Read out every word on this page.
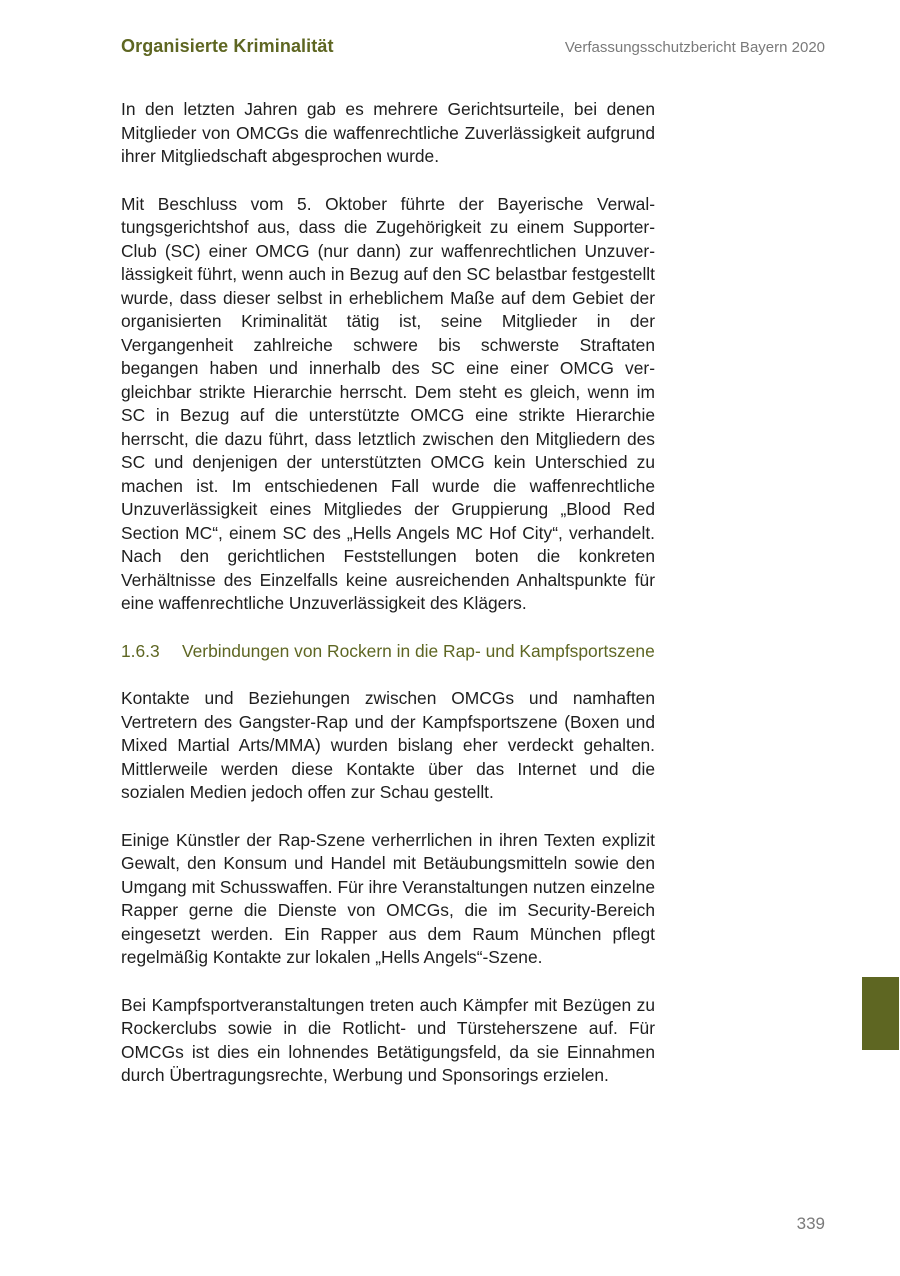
Organisierte Kriminalität	Verfassungsschutzbericht Bayern 2020

In den letzten Jahren gab es mehrere Gerichtsurteile, bei denen Mitglieder von OMCGs die waffenrechtliche Zuverlässigkeit aufgrund ihrer Mitgliedschaft abgesprochen wurde.

Mit Beschluss vom 5. Oktober führte der Bayerische Verwaltungsgerichtshof aus, dass die Zugehörigkeit zu einem Supporter-Club (SC) einer OMCG (nur dann) zur waffenrechtlichen Unzuverlässigkeit führt, wenn auch in Bezug auf den SC belastbar festgestellt wurde, dass dieser selbst in erheblichem Maße auf dem Gebiet der organisierten Kriminalität tätig ist, seine Mitglieder in der Vergangenheit zahlreiche schwere bis schwerste Straftaten begangen haben und innerhalb des SC eine einer OMCG vergleichbar strikte Hierarchie herrscht. Dem steht es gleich, wenn im SC in Bezug auf die unterstützte OMCG eine strikte Hierarchie herrscht, die dazu führt, dass letztlich zwischen den Mitgliedern des SC und denjenigen der unterstützten OMCG kein Unterschied zu machen ist. Im entschiedenen Fall wurde die waffenrechtliche Unzuverlässigkeit eines Mitgliedes der Gruppierung „Blood Red Section MC“, einem SC des „Hells Angels MC Hof City“, verhandelt. Nach den gerichtlichen Feststellungen boten die konkreten Verhältnisse des Einzelfalls keine ausreichenden Anhaltspunkte für eine waffenrechtliche Unzuverlässigkeit des Klägers.

1.6.3	Verbindungen von Rockern in die Rap- und Kampfsportszene

Kontakte und Beziehungen zwischen OMCGs und namhaften Vertretern des Gangster-Rap und der Kampfsportszene (Boxen und Mixed Martial Arts/MMA) wurden bislang eher verdeckt gehalten. Mittlerweile werden diese Kontakte über das Internet und die sozialen Medien jedoch offen zur Schau gestellt.

Einige Künstler der Rap-Szene verherrlichen in ihren Texten explizit Gewalt, den Konsum und Handel mit Betäubungsmitteln sowie den Umgang mit Schusswaffen. Für ihre Veranstaltungen nutzen einzelne Rapper gerne die Dienste von OMCGs, die im Security-Bereich eingesetzt werden. Ein Rapper aus dem Raum München pflegt regelmäßig Kontakte zur lokalen „Hells Angels“-Szene.

Bei Kampfsportveranstaltungen treten auch Kämpfer mit Bezügen zu Rockerclubs sowie in die Rotlicht- und Türsteherszene auf. Für OMCGs ist dies ein lohnendes Betätigungsfeld, da sie Einnahmen durch Übertragungsrechte, Werbung und Sponsorings erzielen.

339
